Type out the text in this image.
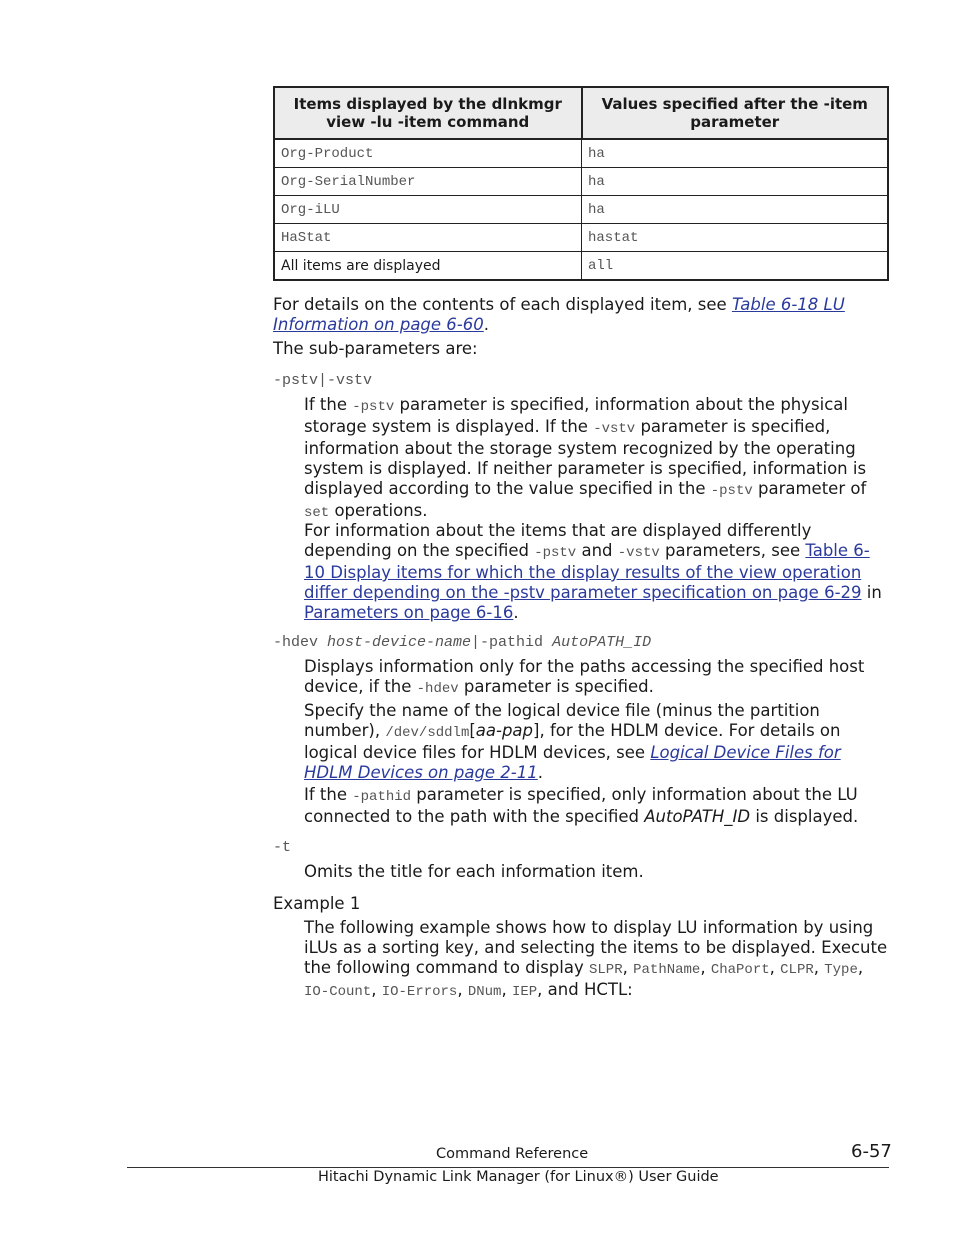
Items displayed by the dlnkmgr view -lu -item command	Values specified after the -item parameter
Org-Product	ha
Org-SerialNumber	ha
Org-iLU	ha
HaStat	hastat
All items are displayed	all
For details on the contents of each displayed item, see Table 6-18 LU Information on page 6-60.
The sub-parameters are:
-pstv|-vstv
If the -pstv parameter is specified, information about the physical storage system is displayed. If the -vstv parameter is specified, information about the storage system recognized by the operating system is displayed. If neither parameter is specified, information is displayed according to the value specified in the -pstv parameter of set operations.
For information about the items that are displayed differently depending on the specified -pstv and -vstv parameters, see Table 6-10 Display items for which the display results of the view operation differ depending on the -pstv parameter specification on page 6-29 in Parameters on page 6-16.
-hdev host-device-name|-pathid AutoPATH_ID
Displays information only for the paths accessing the specified host device, if the -hdev parameter is specified.
Specify the name of the logical device file (minus the partition number), /dev/sddlm[aa-pap], for the HDLM device. For details on logical device files for HDLM devices, see Logical Device Files for HDLM Devices on page 2-11.
If the -pathid parameter is specified, only information about the LU connected to the path with the specified AutoPATH_ID is displayed.
-t
Omits the title for each information item.
Example 1
The following example shows how to display LU information by using iLUs as a sorting key, and selecting the items to be displayed. Execute the following command to display SLPR, PathName, ChaPort, CLPR, Type, IO-Count, IO-Errors, DNum, IEP, and HCTL:
Command Reference	6-57
Hitachi Dynamic Link Manager (for Linux®) User Guide
